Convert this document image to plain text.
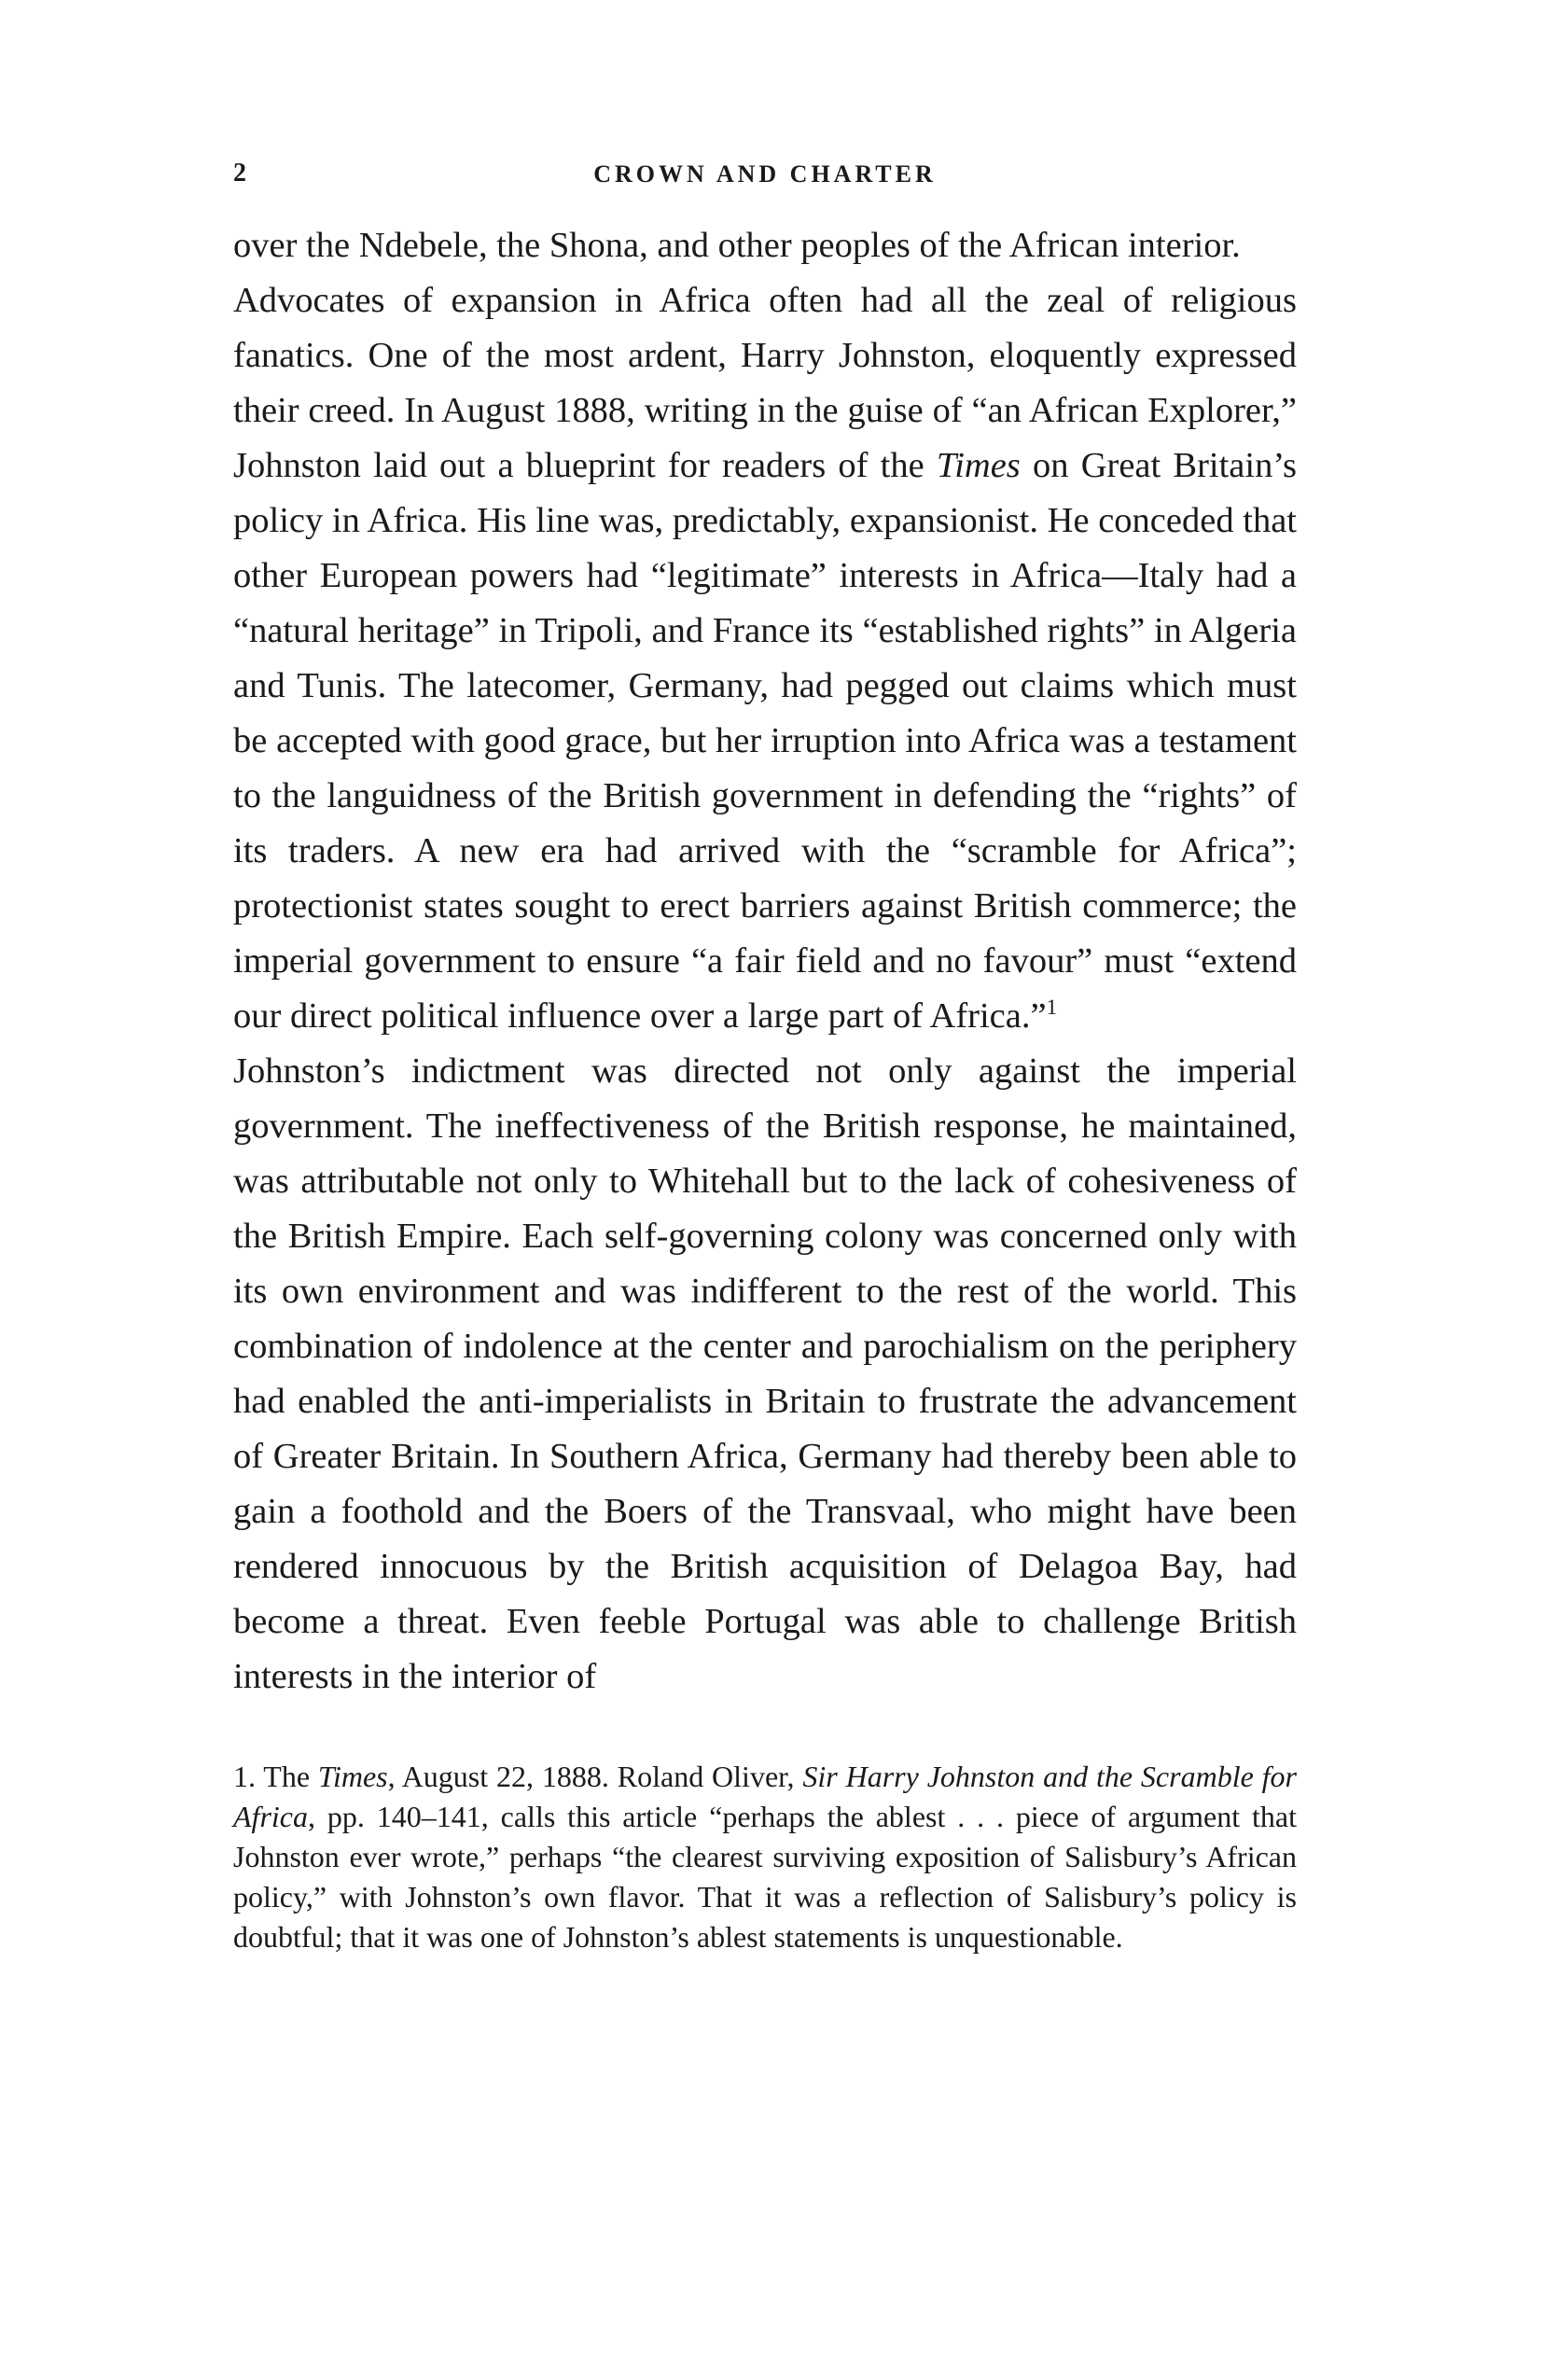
2	CROWN AND CHARTER

over the Ndebele, the Shona, and other peoples of the African interior.

Advocates of expansion in Africa often had all the zeal of religious fanatics. One of the most ardent, Harry Johnston, eloquently expressed their creed. In August 1888, writing in the guise of “an African Explorer,” Johnston laid out a blueprint for readers of the Times on Great Britain’s policy in Africa. His line was, predictably, expansionist. He conceded that other European powers had “legitimate” interests in Africa—Italy had a “natural heritage” in Tripoli, and France its “established rights” in Algeria and Tunis. The latecomer, Germany, had pegged out claims which must be accepted with good grace, but her irruption into Africa was a testament to the languidness of the British government in defending the “rights” of its traders. A new era had arrived with the “scramble for Africa”; protectionist states sought to erect barriers against British commerce; the imperial government to ensure “a fair field and no favour” must “extend our direct political influence over a large part of Africa.”$^1$

Johnston’s indictment was directed not only against the imperial government. The ineffectiveness of the British response, he maintained, was attributable not only to Whitehall but to the lack of cohesiveness of the British Empire. Each self-governing colony was concerned only with its own environment and was indifferent to the rest of the world. This combination of indolence at the center and parochialism on the periphery had enabled the anti-imperialists in Britain to frustrate the advancement of Greater Britain. In Southern Africa, Germany had thereby been able to gain a foothold and the Boers of the Transvaal, who might have been rendered innocuous by the British acquisition of Delagoa Bay, had become a threat. Even feeble Portugal was able to challenge British interests in the interior of

1. The Times, August 22, 1888. Roland Oliver, Sir Harry Johnston and the Scramble for Africa, pp. 140–141, calls this article “perhaps the ablest . . . piece of argument that Johnston ever wrote,” perhaps “the clearest surviving exposition of Salisbury’s African policy,” with Johnston’s own flavor. That it was a reflection of Salisbury’s policy is doubtful; that it was one of Johnston’s ablest statements is unquestionable.
